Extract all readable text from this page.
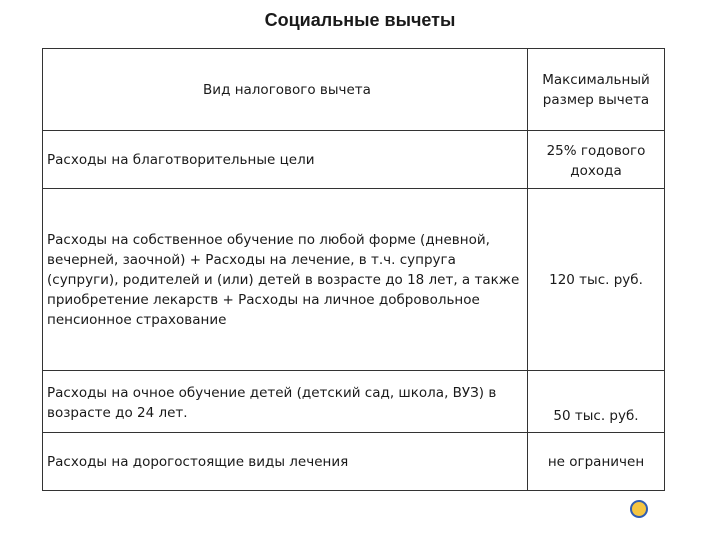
Социальные вычеты
Вид налогового вычета	Максимальный размер вычета

Расходы на благотворительные цели	25% годового дохода

Расходы на собственное обучение по любой форме (дневной, вечерней, заочной) + Расходы на лечение, в т.ч. супруга (супруги), родителей и (или) детей в возрасте до 18 лет, а также приобретение лекарств + Расходы на личное добровольное пенсионное страхование	120 тыс. руб.

Расходы на очное обучение детей (детский сад, школа, ВУЗ) в возрасте до 24 лет.	50 тыс. руб.

Расходы на дорогостоящие виды лечения	не ограничен
